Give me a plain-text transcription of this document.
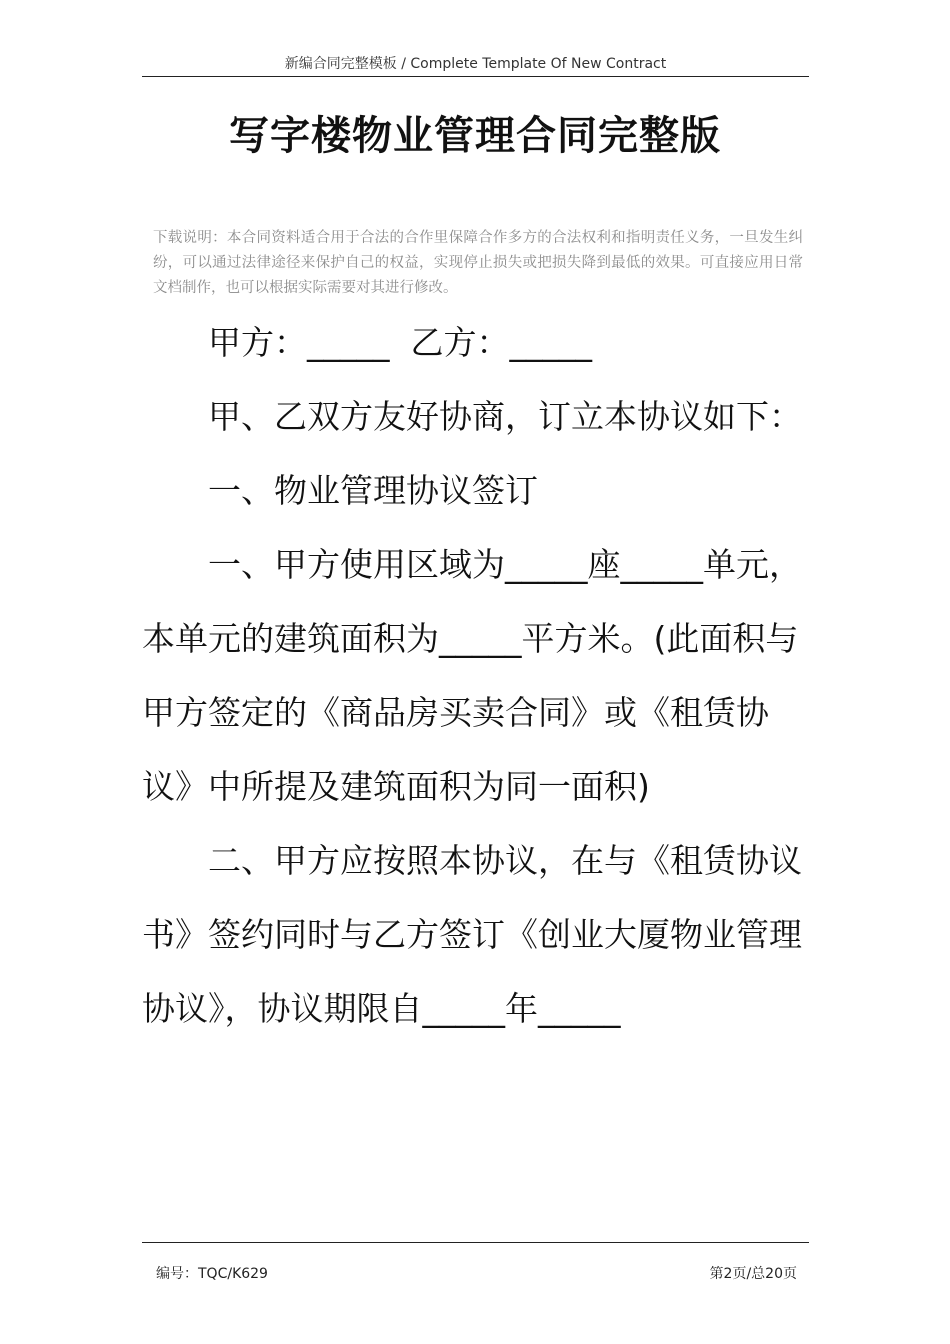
新编合同完整模板 / Complete Template Of New Contract
写字楼物业管理合同完整版
下载说明：本合同资料适合用于合法的合作里保障合作多方的合法权利和指明责任义务，一旦发生纠纷，可以通过法律途径来保护自己的权益，实现停止损失或把损失降到最低的效果。可直接应用日常文档制作，也可以根据实际需要对其进行修改。

甲方：_____  乙方：_____

甲、乙双方友好协商，订立本协议如下：

一、物业管理协议签订

一、甲方使用区域为_____座_____单元，本单元的建筑面积为_____平方米。(此面积与甲方签定的《商品房买卖合同》或《租赁协议》中所提及建筑面积为同一面积)

二、甲方应按照本协议，在与《租赁协议书》签约同时与乙方签订《创业大厦物业管理协议》，协议期限自_____年_____

编号：TQC/K629	第2页/总20页
